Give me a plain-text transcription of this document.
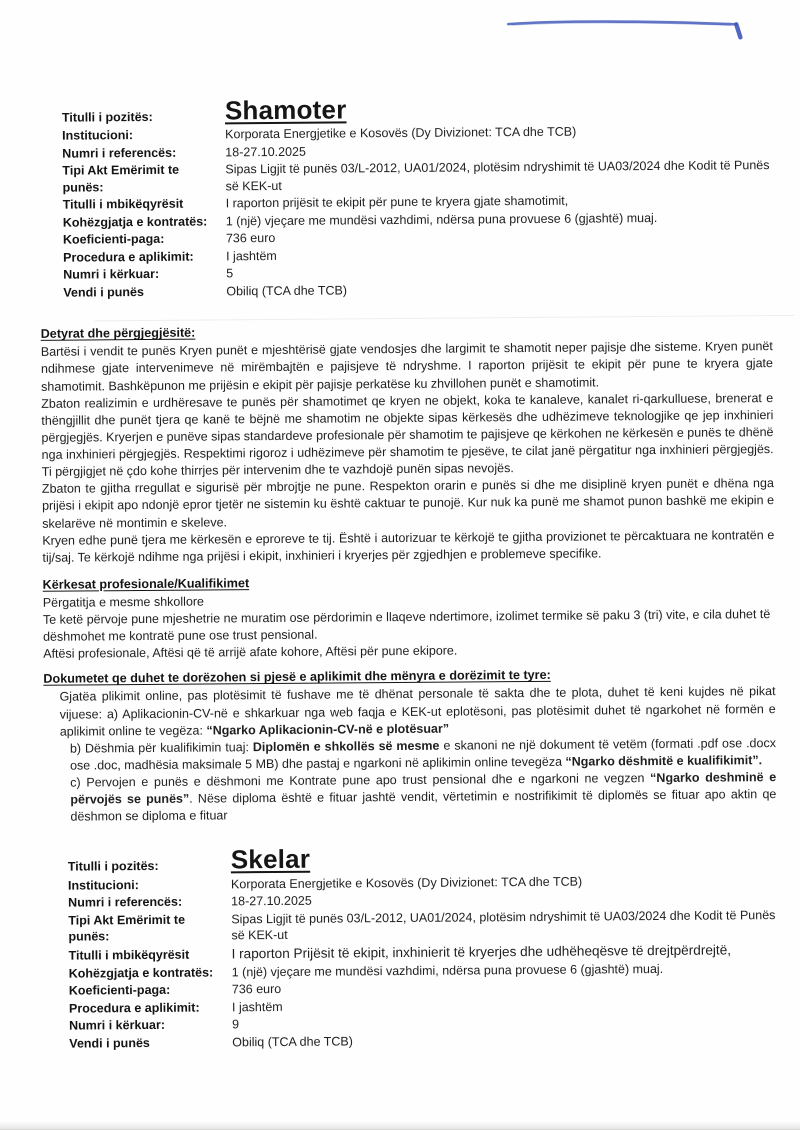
Titulli i pozitës:	Shamoter
Institucioni:	Korporata Energjetike e Kosovës (Dy Divizionet: TCA dhe TCB)
Numri i referencës:	18-27.10.2025
Tipi Akt Emërimit te punës:
Sipas Ligjit të punës 03/L-2012, UA01/2024, plotësim ndryshimit të UA03/2024 dhe Kodit të Punës së KEK-ut
Titulli i mbikëqyrësit	I raporton prijësit te ekipit për pune te kryera gjate shamotimit,
Kohëzgjatja e kontratës:	1 (një) vjeçare me mundësi vazhdimi, ndërsa puna provuese 6 (gjashtë) muaj.
Koeficienti-paga:	736 euro
Procedura e aplikimit:	I jashtëm
Numri i kërkuar:	5
Vendi i punës	Obiliq (TCA dhe TCB)
Detyrat dhe përgjegjësitë:

Bartësi i vendit te punës Kryen punët e mjeshtërisë gjate vendosjes dhe largimit te shamotit neper pajisje dhe sisteme. Kryen punët ndihmese gjate intervenimeve në mirëmbajtën e pajisjeve të ndryshme. I raporton prijësit te ekipit për pune te kryera gjate shamotimit. Bashkëpunon me prijësin e ekipit për pajisje perkatëse ku zhvillohen punët e shamotimit.

Zbaton realizimin e urdhëresave te punës për shamotimet qe kryen ne objekt, koka te kanaleve, kanalet ri-qarkulluese, brenerat e thëngjillit dhe punët tjera qe kanë te bëjnë me shamotim ne objekte sipas kërkesës dhe udhëzimeve teknologjike qe jep inxhinieri përgjegjës. Kryerjen e punëve sipas standardeve profesionale për shamotim te pajisjeve qe kërkohen ne kërkesën e punës te dhënë nga inxhinieri përgjegjës. Respektimi rigoroz i udhëzimeve për shamotim te pjesëve, te cilat janë përgatitur nga inxhinieri përgjegjës. Ti përgjigjet në çdo kohe thirrjes për intervenim dhe te vazhdojë punën sipas nevojës.

Zbaton te gjitha rregullat e sigurisë për mbrojtje ne pune. Respekton orarin e punës si dhe me disiplinë kryen punët e dhëna nga prijësi i ekipit apo ndonjë epror tjetër ne sistemin ku është caktuar te punojë. Kur nuk ka punë me shamot punon bashkë me ekipin e skelarëve në montimin e skeleve.

Kryen edhe punë tjera me kërkesën e eproreve te tij. Është i autorizuar te kërkojë te gjitha provizionet te përcaktuara ne kontratën e tij/saj. Te kërkojë ndihme nga prijësi i ekipit, inxhinieri i kryerjes për zgjedhjen e problemeve specifike.

Kërkesat profesionale/Kualifikimet

Përgatitja e mesme shkollore

Te ketë përvoje pune mjeshetrie ne muratim ose përdorimin e llaqeve ndertimore, izolimet termike së paku 3 (tri) vite, e cila duhet të dëshmohet me kontratë pune ose trust pensional.

Aftësi profesionale, Aftësi që të arrijë afate kohore, Aftësi për pune ekipore.

Dokumetet qe duhet te dorëzohen si pjesë e aplikimit dhe mënyra e dorëzimit te tyre:

Gjatëa plikimit online, pas plotësimit të fushave me të dhënat personale të sakta dhe te plota, duhet të keni kujdes në pikat vijuese: a) Aplikacionin-CV-në e shkarkuar nga web faqja e KEK-ut eplotësoni, pas plotësimit duhet të ngarkohet në formën e aplikimit online te vegëza: “Ngarko Aplikacionin-CV-në e plotësuar”

b) Dëshmia për kualifikimin tuaj: Diplomën e shkollës së mesme e skanoni ne një dokument të vetëm (formati .pdf ose .docx ose .doc, madhësia maksimale 5 MB) dhe pastaj e ngarkoni në aplikimin online tevegëza “Ngarko dëshmitë e kualifikimit”.

c) Pervojen e punës e dëshmoni me Kontrate pune apo trust pensional dhe e ngarkoni ne vegzen “Ngarko deshminë e përvojës se punës”. Nëse diploma është e fituar jashtë vendit, vërtetimin e nostrifikimit të diplomës se fituar apo aktin qe dëshmon se diploma e fituar

Titulli i pozitës:	Skelar
Institucioni:	Korporata Energjetike e Kosovës (Dy Divizionet: TCA dhe TCB)
Numri i referencës:	18-27.10.2025
Tipi Akt Emërimit te punës:
Sipas Ligjit të punës 03/L-2012, UA01/2024, plotësim ndryshimit të UA03/2024 dhe Kodit të Punës së KEK-ut
Titulli i mbikëqyrësit	I raporton Prijësit të ekipit, inxhinierit të kryerjes dhe udhëheqësve të drejtpërdrejtë,
Kohëzgjatja e kontratës:	1 (një) vjeçare me mundësi vazhdimi, ndërsa puna provuese 6 (gjashtë) muaj.
Koeficienti-paga:	736 euro
Procedura e aplikimit:	I jashtëm
Numri i kërkuar:	9
Vendi i punës	Obiliq (TCA dhe TCB)
